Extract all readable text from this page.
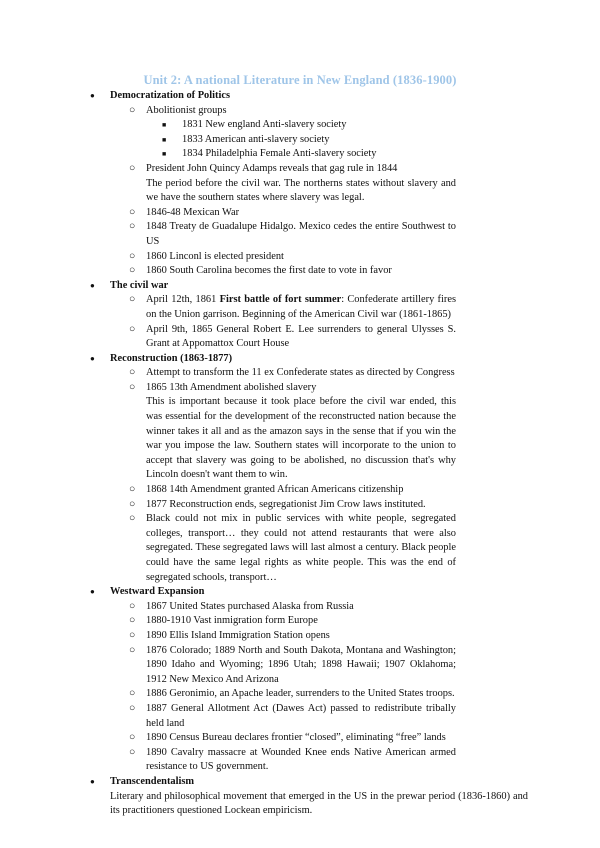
Unit 2: A national Literature in New England (1836-1900)
● Democratization of Politics
○ Abolitionist groups
■ 1831 New england Anti-slavery society
■ 1833 American anti-slavery society
■ 1834 Philadelphia Female Anti-slavery society
○ President John Quincy Adamps reveals that gag rule in 1844
The period before the civil war. The northerns states without slavery and we have the southern states where slavery was legal.
○ 1846-48 Mexican War
○ 1848 Treaty de Guadalupe Hidalgo. Mexico cedes the entire Southwest to US
○ 1860 Linconl is elected president
○ 1860 South Carolina becomes the first date to vote in favor
● The civil war
○ April 12th, 1861 First battle of fort summer: Confederate artillery fires on the Union garrison. Beginning of the American Civil war (1861-1865)
○ April 9th, 1865 General Robert E. Lee surrenders to general Ulysses S. Grant at Appomattox Court House
● Reconstruction (1863-1877)
○ Attempt to transform the 11 ex Confederate states as directed by Congress
○ 1865 13th Amendment abolished slavery
This is important because it took place before the civil war ended, this was essential for the development of the reconstructed nation because the winner takes it all and as the amazon says in the sense that if you win the war you impose the law. Southern states will incorporate to the union to accept that slavery was going to be abolished, no discussion that's why Lincoln doesn't want them to win.
○ 1868 14th Amendment granted African Americans citizenship
○ 1877 Reconstruction ends, segregationist Jim Crow laws instituted.
○ Black could not mix in public services with white people, segregated colleges, transport… they could not attend restaurants that were also segregated. These segregated laws will last almost a century. Black people could have the same legal rights as white people. This was the end of segregated schools, transport…
● Westward Expansion
○ 1867 United States purchased Alaska from Russia
○ 1880-1910 Vast inmigration form Europe
○ 1890 Ellis Island Immigration Station opens
○ 1876 Colorado; 1889 North and South Dakota, Montana and Washington; 1890 Idaho and Wyoming; 1896 Utah; 1898 Hawaii; 1907 Oklahoma; 1912 New Mexico And Arizona
○ 1886 Geronimio, an Apache leader, surrenders to the United States troops.
○ 1887 General Allotment Act (Dawes Act) passed to redistribute tribally held land
○ 1890 Census Bureau declares frontier “closed”, eliminating “free” lands
○ 1890 Cavalry massacre at Wounded Knee ends Native American armed resistance to US government.
● Transcendentalism
Literary and philosophical movement that emerged in the US in the prewar period (1836-1860) and its practitioners questioned Lockean empiricism.
